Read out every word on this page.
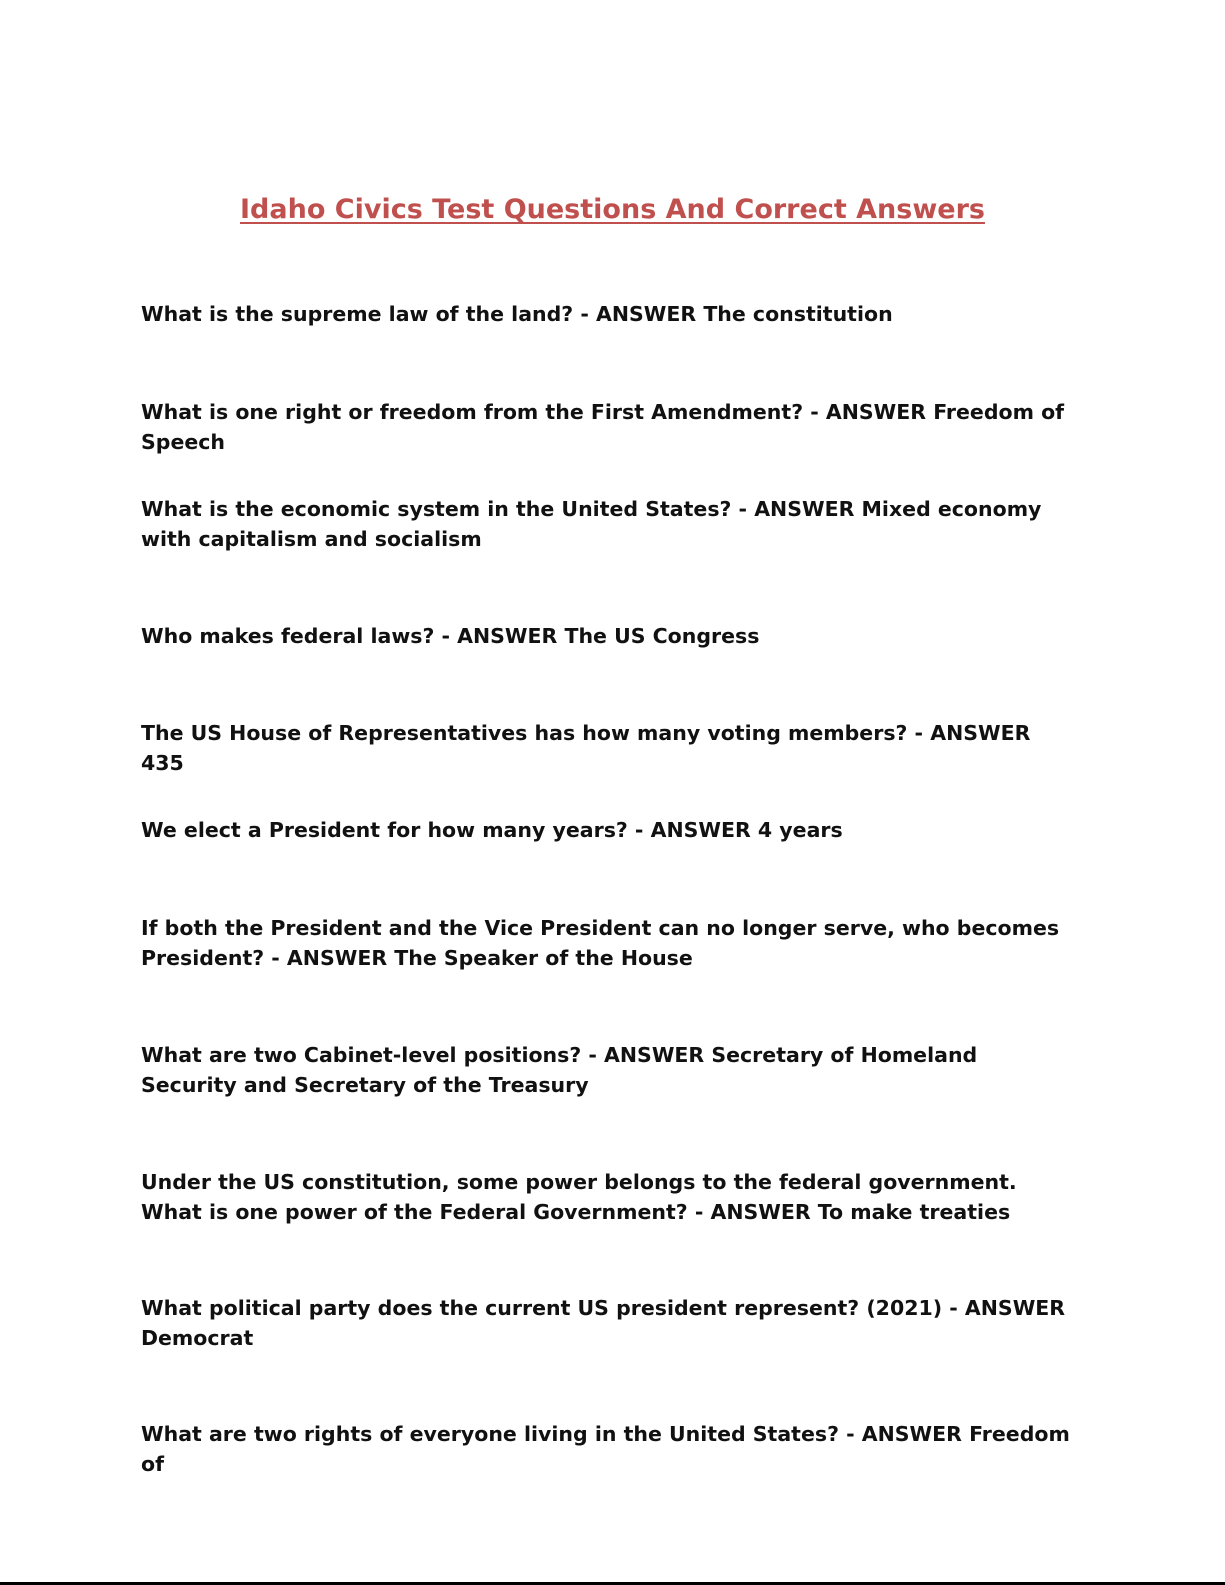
Idaho Civics Test Questions And Correct Answers

What is the supreme law of the land? - ANSWER The constitution

What is one right or freedom from the First Amendment? - ANSWER Freedom of Speech

What is the economic system in the United States? - ANSWER Mixed economy with capitalism and socialism

Who makes federal laws? - ANSWER The US Congress

The US House of Representatives has how many voting members? - ANSWER 435

We elect a President for how many years? - ANSWER 4 years

If both the President and the Vice President can no longer serve, who becomes President? - ANSWER The Speaker of the House

What are two Cabinet-level positions? - ANSWER Secretary of Homeland Security and Secretary of the Treasury

Under the US constitution, some power belongs to the federal government. What is one power of the Federal Government? - ANSWER To make treaties

What political party does the current US president represent? (2021) - ANSWER Democrat

What are two rights of everyone living in the United States? - ANSWER Freedom of
